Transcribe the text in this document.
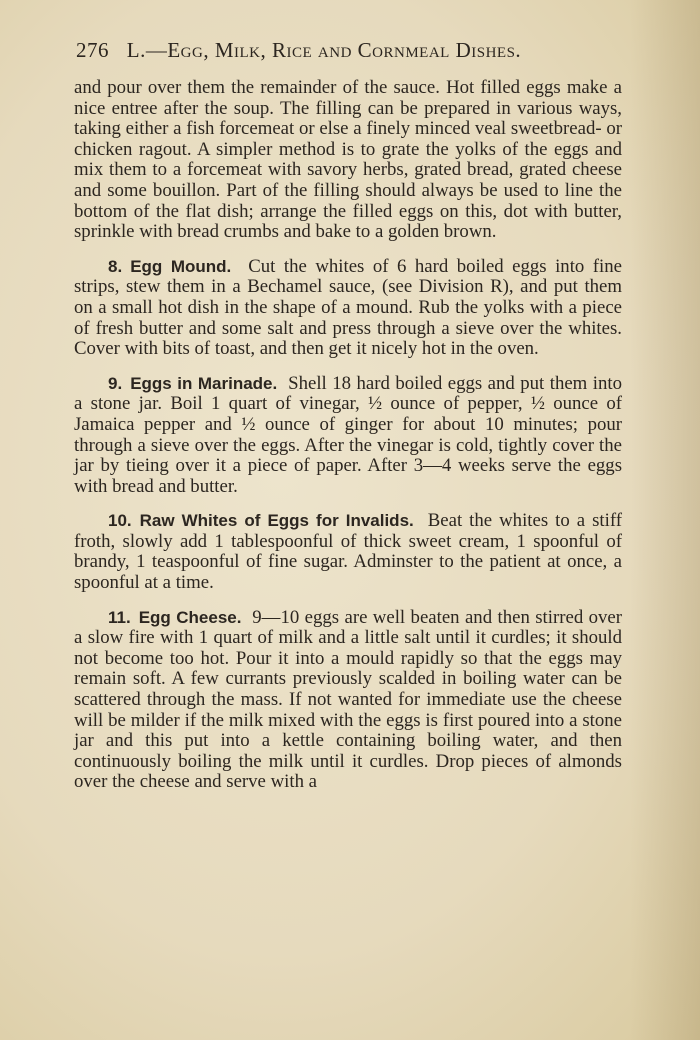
276 L.—Egg, Milk, Rice and Cornmeal Dishes.

and pour over them the remainder of the sauce. Hot filled eggs make a nice entree after the soup. The filling can be prepared in various ways, taking either a fish forcemeat or else a finely minced veal sweetbread- or chicken ragout. A simpler method is to grate the yolks of the eggs and mix them to a forcemeat with savory herbs, grated bread, grated cheese and some bouillon. Part of the filling should always be used to line the bottom of the flat dish; arrange the filled eggs on this, dot with butter, sprinkle with bread crumbs and bake to a golden brown.

8. Egg Mound. Cut the whites of 6 hard boiled eggs into fine strips, stew them in a Bechamel sauce, (see Division R), and put them on a small hot dish in the shape of a mound. Rub the yolks with a piece of fresh butter and some salt and press through a sieve over the whites. Cover with bits of toast, and then get it nicely hot in the oven.

9. Eggs in Marinade. Shell 18 hard boiled eggs and put them into a stone jar. Boil 1 quart of vinegar, ½ ounce of pepper, ½ ounce of Jamaica pepper and ½ ounce of ginger for about 10 minutes; pour through a sieve over the eggs. After the vinegar is cold, tightly cover the jar by tieing over it a piece of paper. After 3—4 weeks serve the eggs with bread and butter.

10. Raw Whites of Eggs for Invalids. Beat the whites to a stiff froth, slowly add 1 tablespoonful of thick sweet cream, 1 spoonful of brandy, 1 teaspoonful of fine sugar. Adminster to the patient at once, a spoonful at a time.

11. Egg Cheese. 9—10 eggs are well beaten and then stirred over a slow fire with 1 quart of milk and a little salt until it curdles; it should not become too hot. Pour it into a mould rapidly so that the eggs may remain soft. A few currants previously scalded in boiling water can be scattered through the mass. If not wanted for immediate use the cheese will be milder if the milk mixed with the eggs is first poured into a stone jar and this put into a kettle containing boiling water, and then continuously boiling the milk until it curdles. Drop pieces of almonds over the cheese and serve with a
